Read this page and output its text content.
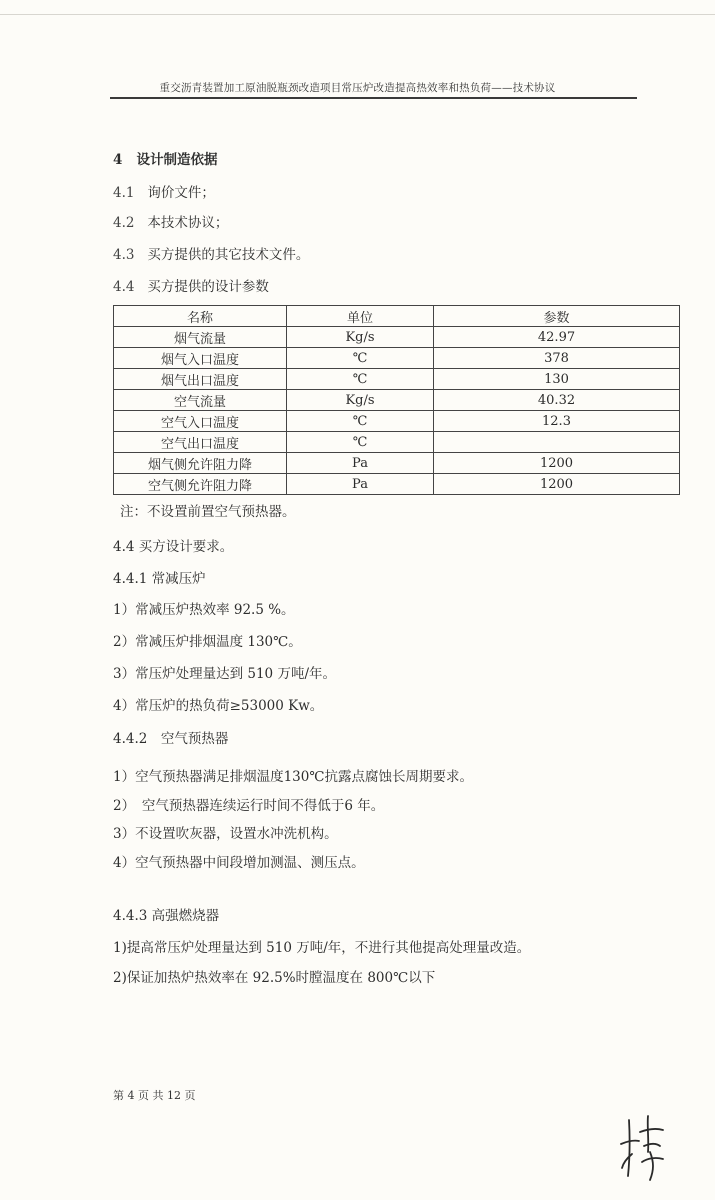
重交沥青装置加工原油脱瓶颈改造项目常压炉改造提高热效率和热负荷——技术协议
4 设计制造依据
4.1 询价文件；
4.2 本技术协议；
4.3 买方提供的其它技术文件。
4.4 买方提供的设计参数
名称	单位	参数
烟气流量	Kg/s	42.97
烟气入口温度	℃	378
烟气出口温度	℃	130
空气流量	Kg/s	40.32
空气入口温度	℃	12.3
空气出口温度	℃	
烟气侧允许阻力降	Pa	1200
空气侧允许阻力降	Pa	1200
注：不设置前置空气预热器。
4.4 买方设计要求。
4.4.1 常减压炉
1）常减压炉热效率 92.5 %。
2）常减压炉排烟温度 130℃。
3）常压炉处理量达到 510 万吨/年。
4）常压炉的热负荷≥53000 Kw。
4.4.2　空气预热器
1）空气预热器满足排烟温度130℃抗露点腐蚀长周期要求。
2）　空气预热器连续运行时间不得低于6 年。
3）不设置吹灰器，设置水冲洗机构。
4）空气预热器中间段增加测温、测压点。
4.4.3 高强燃烧器
1)提高常压炉处理量达到 510 万吨/年，不进行其他提高处理量改造。
2)保证加热炉热效率在 92.5%时膛温度在 800℃以下
第 4 页 共 12 页
